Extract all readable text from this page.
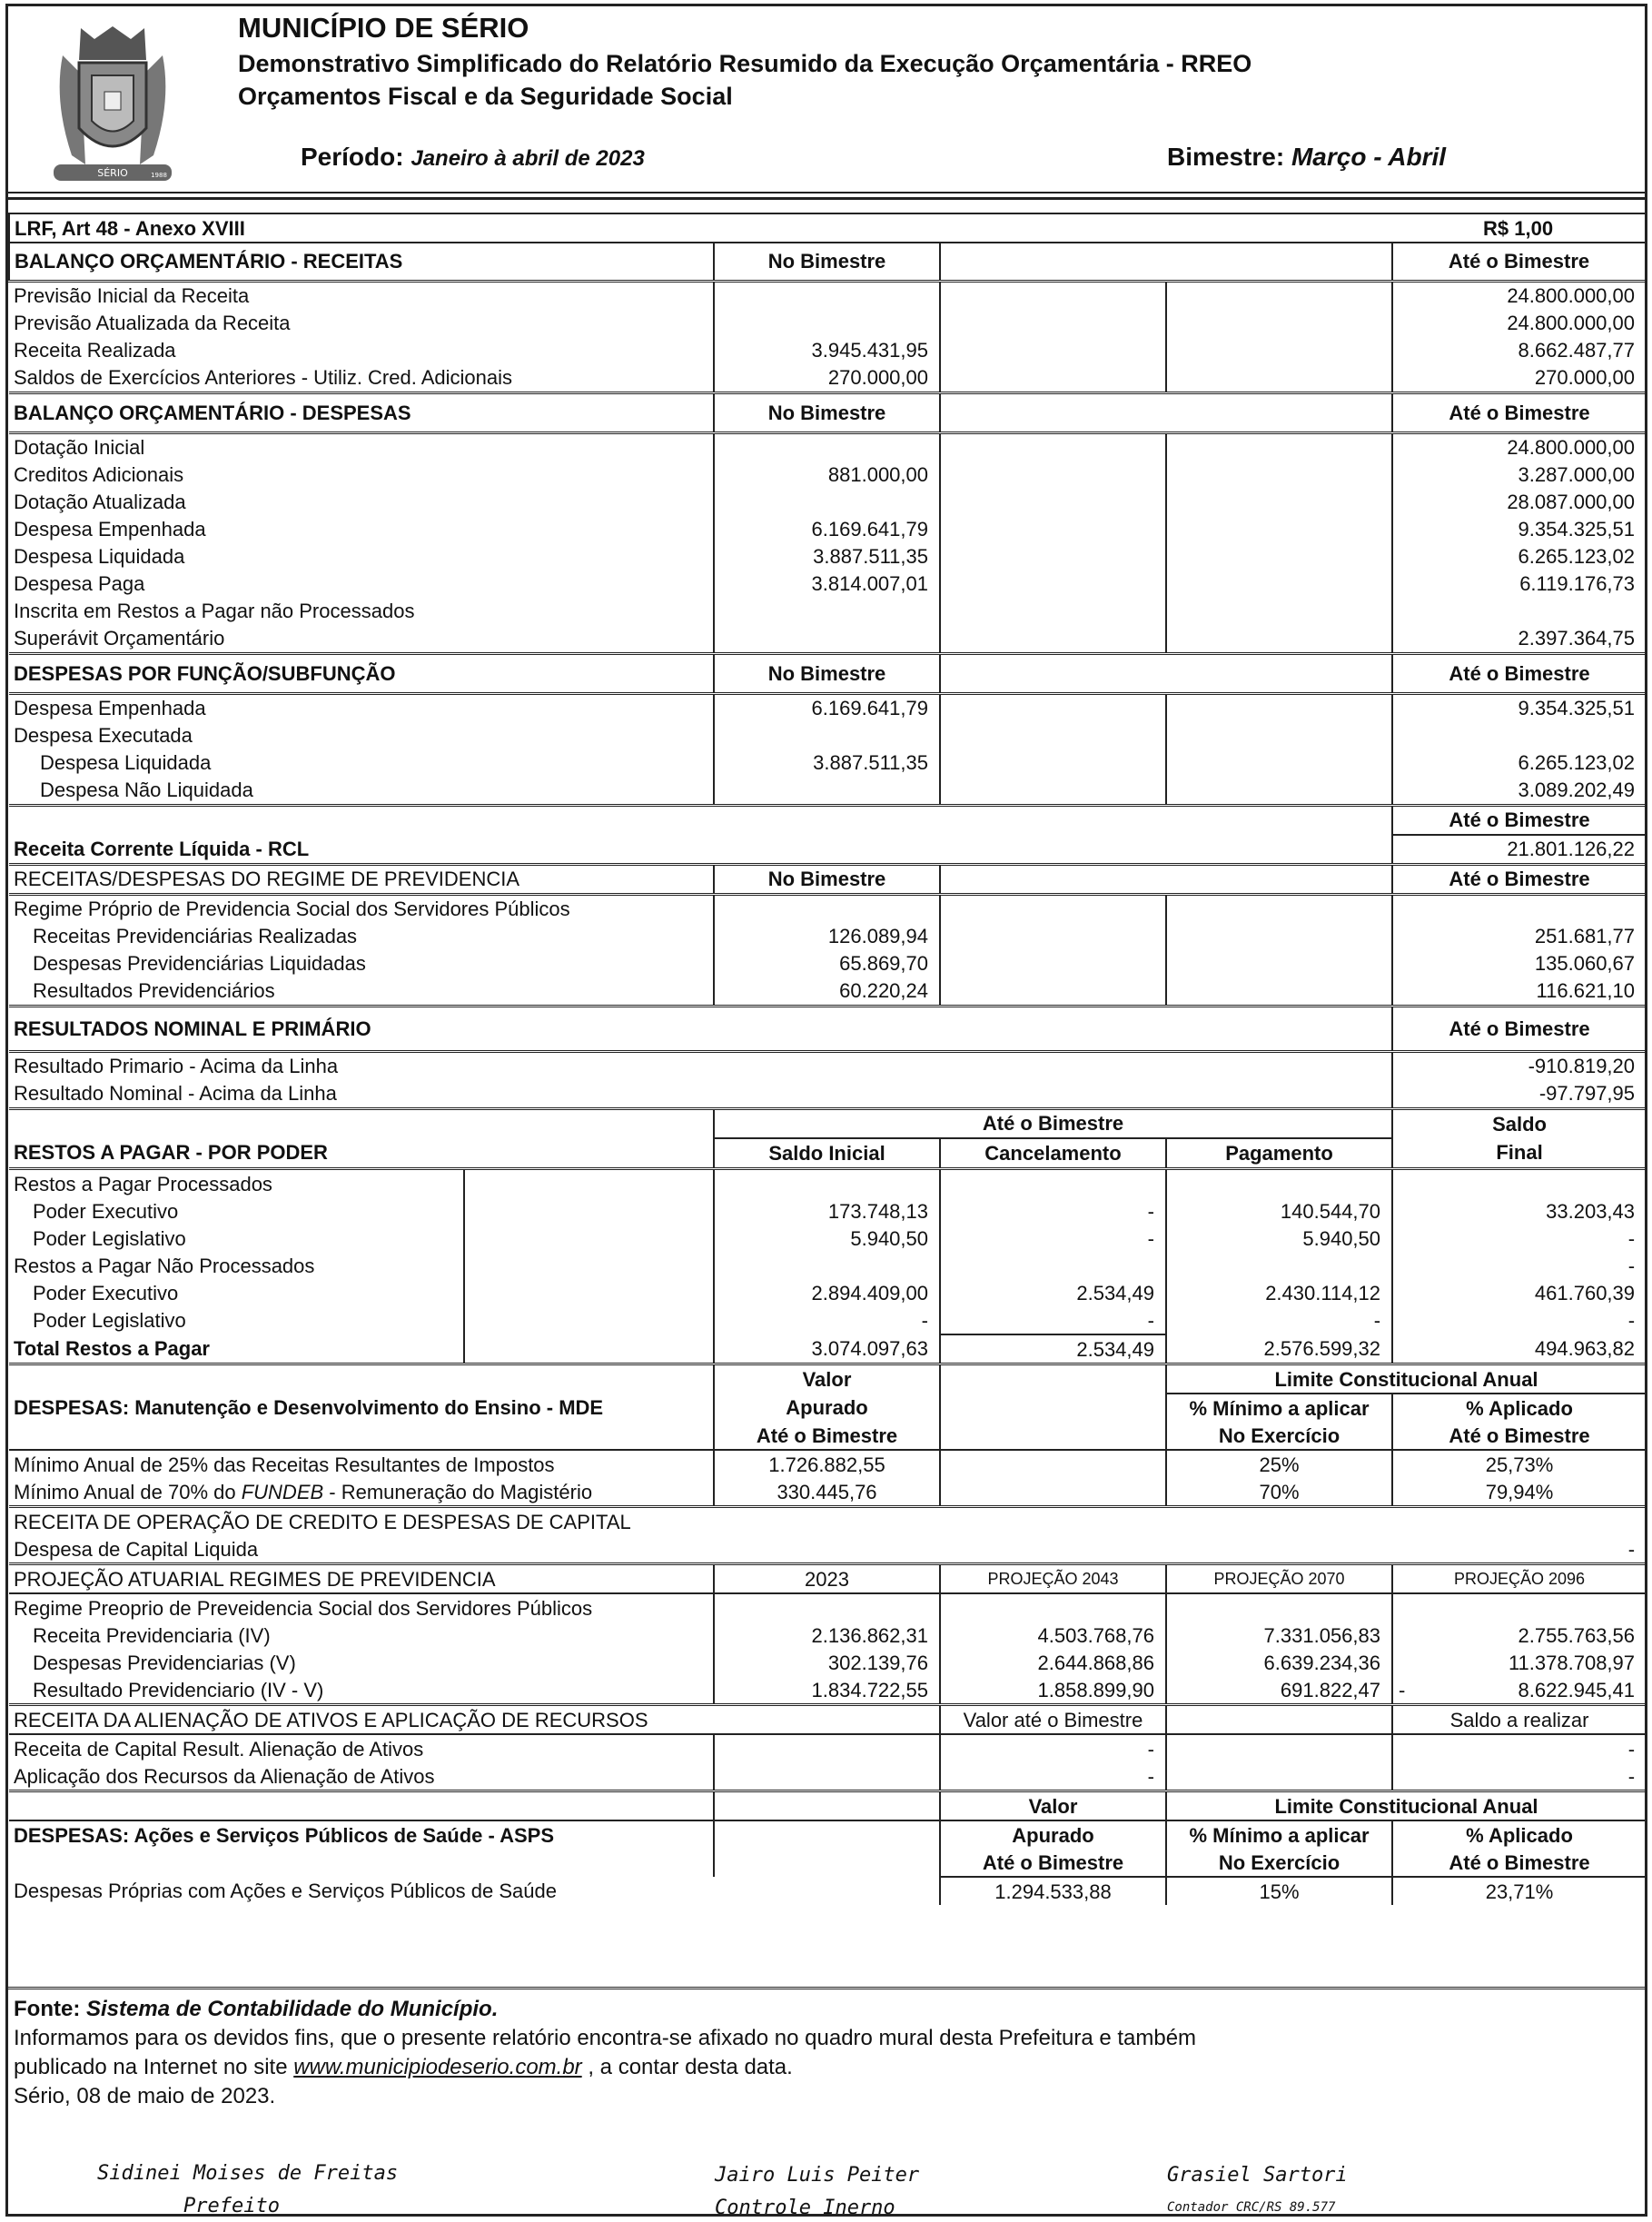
SÉRIO	1988
MUNICÍPIO DE SÉRIO
Demonstrativo Simplificado do Relatório Resumido da Execução Orçamentária - RREO
Orçamentos Fiscal e da Seguridade Social
Período: Janeiro à abril de 2023	Bimestre: Março - Abril
LRF, Art 48 - Anexo XVIII					R$ 1,00
BALANÇO ORÇAMENTÁRIO - RECEITAS		No Bimestre			Até o Bimestre
Previsão Inicial da Receita					24.800.000,00
Previsão Atualizada da Receita					24.800.000,00
Receita Realizada		3.945.431,95			8.662.487,77
Saldos de Exercícios Anteriores - Utiliz. Cred. Adicionais		270.000,00			270.000,00
BALANÇO ORÇAMENTÁRIO - DESPESAS		No Bimestre			Até o Bimestre
Dotação Inicial					24.800.000,00
Creditos Adicionais		881.000,00			3.287.000,00
Dotação Atualizada					28.087.000,00
Despesa Empenhada		6.169.641,79			9.354.325,51
Despesa Liquidada		3.887.511,35			6.265.123,02
Despesa Paga		3.814.007,01			6.119.176,73
Inscrita em Restos a Pagar não Processados					
Superávit Orçamentário					2.397.364,75
DESPESAS POR FUNÇÃO/SUBFUNÇÃO		No Bimestre			Até o Bimestre
Despesa Empenhada		6.169.641,79			9.354.325,51
Despesa Executada					
Despesa Liquidada		3.887.511,35			6.265.123,02
Despesa Não Liquidada					3.089.202,49
					Até o Bimestre
Receita Corrente Líquida - RCL					21.801.126,22
RECEITAS/DESPESAS DO REGIME DE PREVIDENCIA		No Bimestre			Até o Bimestre
Regime Próprio de Previdencia Social dos Servidores Públicos					
Receitas Previdenciárias Realizadas		126.089,94			251.681,77
Despesas Previdenciárias Liquidadas		65.869,70			135.060,67
Resultados Previdenciários		60.220,24			116.621,10
RESULTADOS NOMINAL E PRIMÁRIO					Até o Bimestre
Resultado Primario - Acima da Linha					-910.819,20
Resultado Nominal - Acima da Linha					-97.797,95
		Até o Bimestre			Saldo
RESTOS A PAGAR - POR PODER		Saldo Inicial	Cancelamento	Pagamento	Final
Restos a Pagar Processados					
Poder Executivo		173.748,13	-	140.544,70	33.203,43
Poder Legislativo		5.940,50	-	5.940,50	-
Restos a Pagar Não Processados					-
Poder Executivo		2.894.409,00	2.534,49	2.430.114,12	461.760,39
Poder Legislativo		-	-	-	-
Total Restos a Pagar		3.074.097,63	2.534,49	2.576.599,32	494.963,82
		Valor		Limite Constitucional Anual	
DESPESAS: Manutenção e Desenvolvimento do Ensino - MDE		Apurado		% Mínimo a aplicar	% Aplicado
		Até o Bimestre		No Exercício	Até o Bimestre
Mínimo Anual de 25% das Receitas Resultantes de Impostos		1.726.882,55		25%	25,73%
Mínimo Anual de 70% do FUNDEB - Remuneração do Magistério		330.445,76		70%	79,94%
RECEITA DE OPERAÇÃO DE CREDITO E DESPESAS DE CAPITAL					
Despesa de Capital Liquida					-
PROJEÇÃO ATUARIAL REGIMES DE PREVIDENCIA		2023	PROJEÇÃO 2043	PROJEÇÃO 2070	PROJEÇÃO 2096
Regime Preoprio de Preveidencia Social dos Servidores Públicos					
Receita Previdenciaria (IV)		2.136.862,31	4.503.768,76	7.331.056,83	2.755.763,56
Despesas Previdenciarias (V)		302.139,76	2.644.868,86	6.639.234,36	11.378.708,97
Resultado Previdenciario (IV - V)		1.834.722,55	1.858.899,90	691.822,47	- 8.622.945,41
RECEITA DA ALIENAÇÃO DE ATIVOS E APLICAÇÃO DE RECURSOS			Valor até o Bimestre		Saldo a realizar
Receita de Capital Result. Alienação de Ativos			-		-
Aplicação dos Recursos da Alienação de Ativos			-		-
			Valor	Limite Constitucional Anual	
DESPESAS: Ações e Serviços Públicos de Saúde - ASPS			Apurado	% Mínimo a aplicar	% Aplicado
			Até o Bimestre	No Exercício	Até o Bimestre
Despesas Próprias com Ações e Serviços Públicos de Saúde			1.294.533,88	15%	23,71%
Fonte: Sistema de Contabilidade do Município.
Informamos para os devidos fins, que o presente relatório encontra-se afixado no quadro mural desta Prefeitura e também
publicado na Internet no site www.municipiodeserio.com.br , a contar desta data.
Sério, 08 de maio de 2023.
Sidinei Moises de Freitas
Prefeito
Jairo Luis Peiter
Controle Inerno
Grasiel Sartori
Contador CRC/RS 89.577
